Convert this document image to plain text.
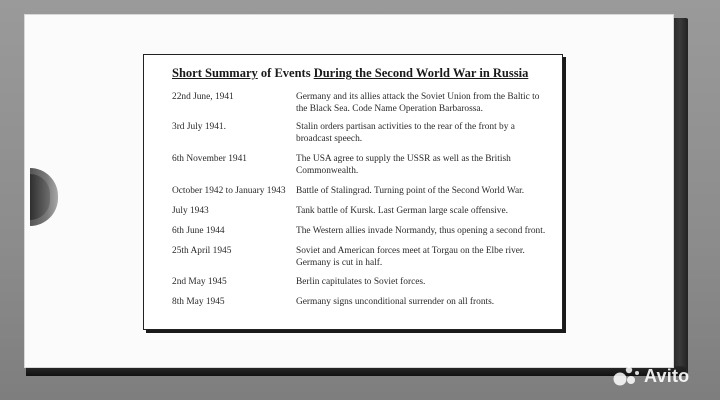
Short Summary of Events During the Second World War in Russia
22nd June, 1941	Germany and its allies attack the Soviet Union from the Baltic to the Black Sea. Code Name Operation Barbarossa.
3rd July 1941.	Stalin orders partisan activities to the rear of the front by a broadcast speech.
6th November 1941	The USA agree to supply the USSR as well as the British Commonwealth.
October 1942 to January 1943	Battle of Stalingrad. Turning point of the Second World War.
July 1943	Tank battle of Kursk. Last German large scale offensive.
6th June 1944	The Western allies invade Normandy, thus opening a second front.
25th April 1945	Soviet and American forces meet at Torgau on the Elbe river. Germany is cut in half.
2nd May 1945	Berlin capitulates to Soviet forces.
8th May 1945	Germany signs unconditional surrender on all fronts.
Avito
